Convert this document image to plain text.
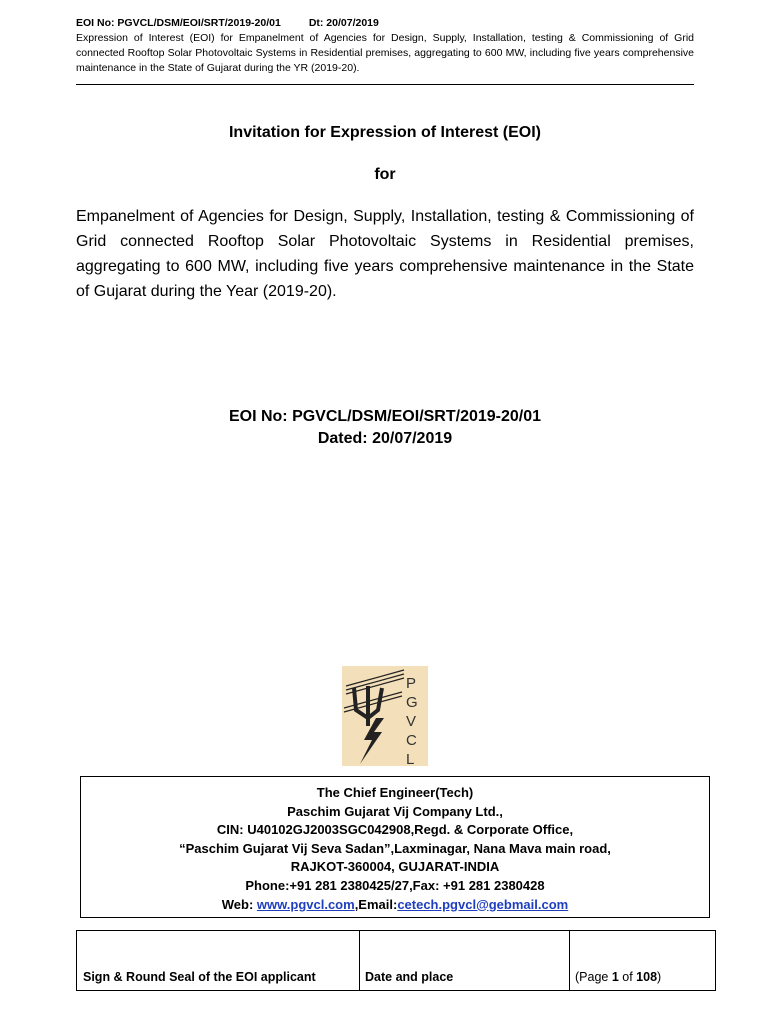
EOI No: PGVCL/DSM/EOI/SRT/2019-20/01	Dt: 20/07/2019
Expression of Interest (EOI) for Empanelment of Agencies for Design, Supply, Installation, testing & Commissioning of Grid connected Rooftop Solar Photovoltaic Systems in Residential premises, aggregating to 600 MW, including five years comprehensive maintenance in the State of Gujarat during the YR (2019-20).
Invitation for Expression of Interest (EOI)
for
Empanelment of Agencies for Design, Supply, Installation, testing & Commissioning of Grid connected Rooftop Solar Photovoltaic Systems in Residential premises, aggregating to 600 MW, including five years comprehensive maintenance in the State of Gujarat during the Year (2019-20).
EOI No: PGVCL/DSM/EOI/SRT/2019-20/01
Dated: 20/07/2019
P
G
V
C
L
The Chief Engineer(Tech)
Paschim Gujarat Vij Company Ltd.,
CIN: U40102GJ2003SGC042908,Regd. & Corporate Office,
“Paschim Gujarat Vij Seva Sadan”,Laxminagar, Nana Mava main road,
RAJKOT-360004, GUJARAT-INDIA
Phone:+91 281 2380425/27,Fax: +91 281 2380428
Web: www.pgvcl.com,Email:cetech.pgvcl@gebmail.com
Sign & Round Seal of the EOI applicant	Date and place	(Page 1 of 108)
